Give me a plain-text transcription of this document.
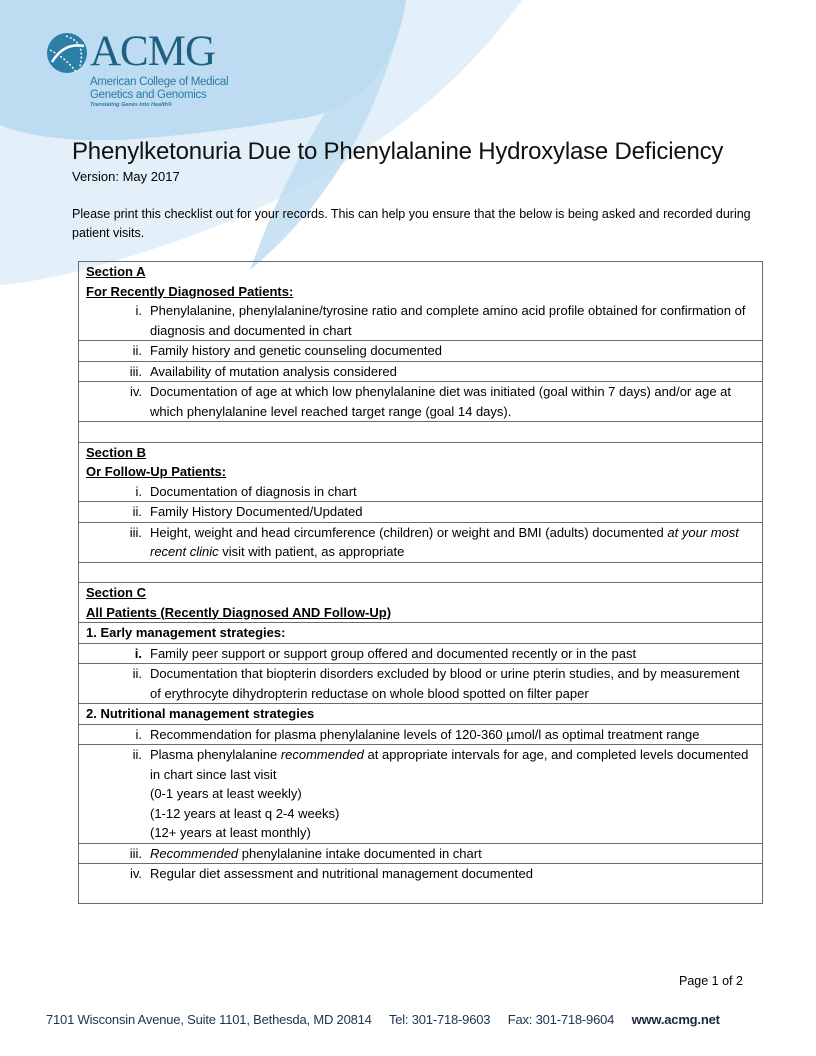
ACMG
American College of Medical
Genetics and Genomics
Translating Genes Into Health®
Phenylketonuria Due to Phenylalanine Hydroxylase Deficiency
Version: May 2017
Please print this checklist out for your records. This can help you ensure that the below is being asked and recorded during patient visits.
Section A
For Recently Diagnosed Patients:
i. Phenylalanine, phenylalanine/tyrosine ratio and complete amino acid profile obtained for confirmation of diagnosis and documented in chart

ii. Family history and genetic counseling documented

iii. Availability of mutation analysis considered

iv. Documentation of age at which low phenylalanine diet was initiated (goal within 7 days) and/or age at which phenylalanine level reached target range (goal 14 days).

Section B
Or Follow-Up Patients:
i. Documentation of diagnosis in chart

ii. Family History Documented/Updated

iii. Height, weight and head circumference (children) or weight and BMI (adults) documented at your most recent clinic visit with patient, as appropriate

Section C
All Patients (Recently Diagnosed AND Follow-Up)

1. Early management strategies:

i. Family peer support or support group offered and documented recently or in the past

ii. Documentation that biopterin disorders excluded by blood or urine pterin studies, and by measurement of erythrocyte dihydropterin reductase on whole blood spotted on filter paper

2. Nutritional management strategies

i. Recommendation for plasma phenylalanine levels of 120-360 µmol/l as optimal treatment range

ii. Plasma phenylalanine recommended at appropriate intervals for age, and completed levels documented in chart since last visit
(0-1 years at least weekly)
(1-12 years at least q 2-4 weeks)
(12+ years at least monthly)

iii. Recommended phenylalanine intake documented in chart

iv. Regular diet assessment and nutritional management documented
Page 1 of 2
7101 Wisconsin Avenue, Suite 1101, Bethesda, MD 20814 Tel: 301-718-9603 Fax: 301-718-9604 www.acmg.net
